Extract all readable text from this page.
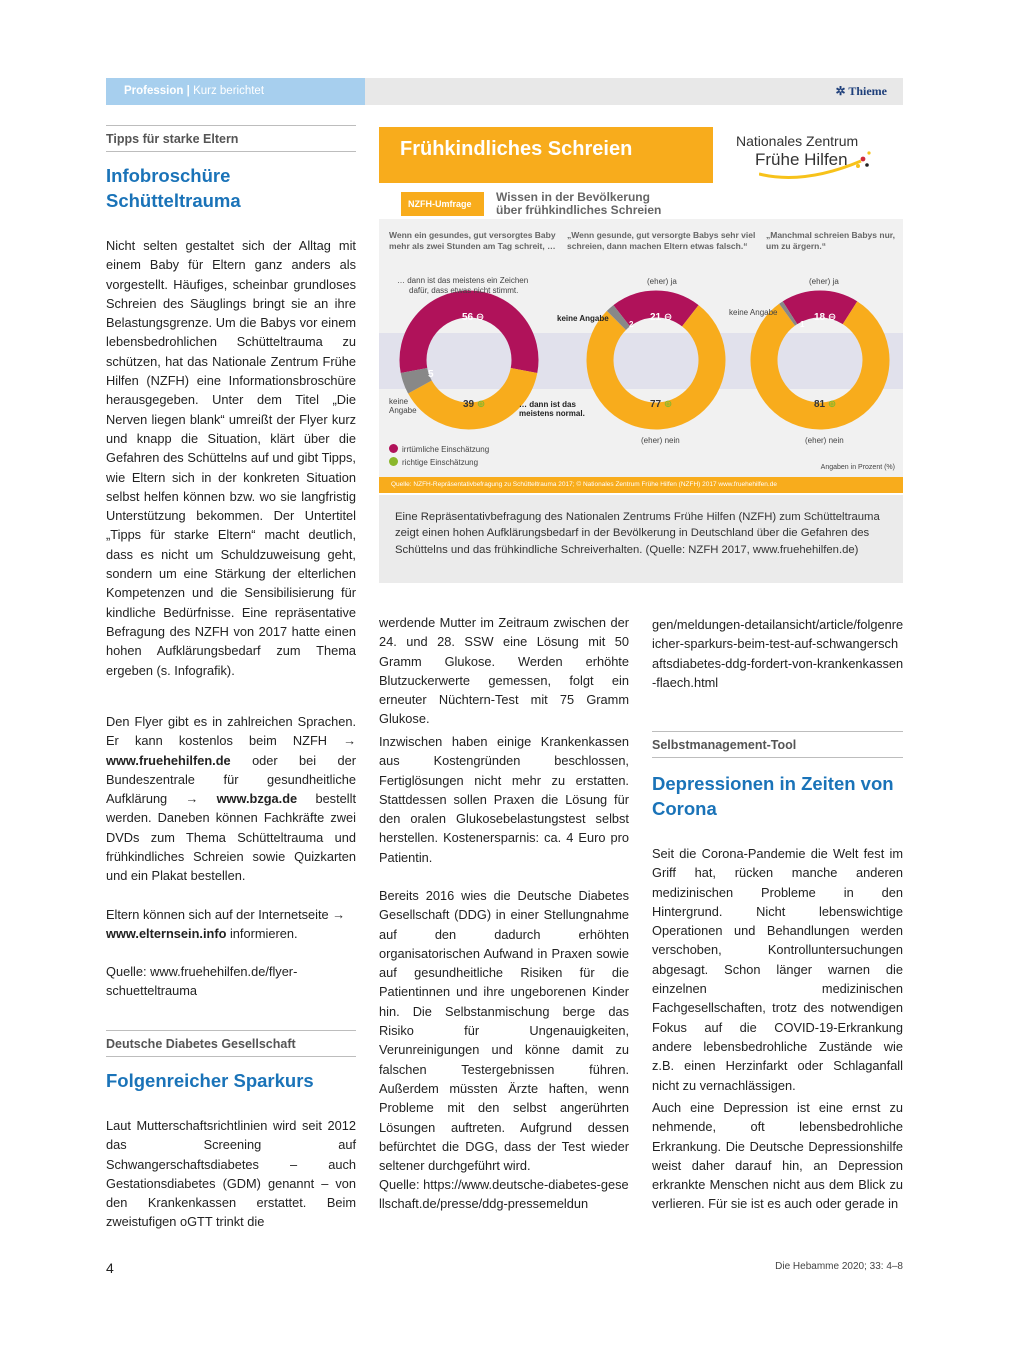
Profession | Kurz berichtet	✲ Thieme
Tipps für starke Eltern
Infobroschüre
Schütteltrauma
Nicht selten gestaltet sich der Alltag mit einem Baby für Eltern ganz anders als vorgestellt. Häufiges, scheinbar grundloses Schreien des Säuglings bringt sie an ihre Belastungsgrenze. Um die Babys vor einem lebensbedrohlichen Schütteltrauma zu schützen, hat das Nationale Zentrum Frühe Hilfen (NZFH) eine Informationsbroschüre herausgegeben. Unter dem Titel „Die Nerven liegen blank“ umreißt der Flyer kurz und knapp die Situation, klärt über die Gefahren des Schüttelns auf und gibt Tipps, wie Eltern sich in der konkreten Situation selbst helfen können bzw. wo sie langfristig Unterstützung bekommen. Der Untertitel „Tipps für starke Eltern“ macht deutlich, dass es nicht um Schuldzuweisung geht, sondern um eine Stärkung der elterlichen Kompetenzen und die Sensibilisierung für kindliche Bedürfnisse. Eine repräsentative Befragung des NZFH von 2017 hatte einen hohen Aufklärungsbedarf zum Thema ergeben (s. Infografik).
Den Flyer gibt es in zahlreichen Sprachen. Er kann kostenlos beim NZFH → www.fruehehilfen.de oder bei der Bundeszentrale für gesundheitliche Aufklärung → www.bzga.de bestellt werden. Daneben können Fachkräfte zwei DVDs zum Thema Schütteltrauma und frühkindliches Schreien sowie Quizkarten und ein Plakat bestellen.
Eltern können sich auf der Internetseite → www.elternsein.info informieren.
Quelle: www.fruehehilfen.de/flyer-schuetteltrauma
Deutsche Diabetes Gesellschaft
Folgenreicher Sparkurs
Laut Mutterschaftsrichtlinien wird seit 2012 das Screening auf Schwangerschaftsdiabetes – auch Gestationsdiabetes (GDM) genannt – von den Krankenkassen erstattet. Beim zweistufigen oGTT trinkt die
Frühkindliches Schreien	Nationales Zentrum
Frühe Hilfen
NZFH-Umfrage	Wissen in der Bevölkerung
über frühkindliches Schreien
Wenn ein gesundes, gut versorgtes Baby mehr als zwei Stunden am Tag schreit, …
„Wenn gesunde, gut versorgte Babys sehr viel schreien, dann machen Eltern etwas falsch.“
„Manchmal schreien Babys nur, um zu ärgern.“
… dann ist das meistens ein Zeichen
dafür, dass etwas nicht stimmt.
keine
Angabe
… dann ist das
meistens normal.
(eher) ja
keine Angabe
(eher) nein
(eher) ja
keine Angabe
(eher) nein
56 ⊖
5
39 ⊕
21 ⊖
2
77 ⊕
18 ⊖
1
81 ⊕
irrtümliche Einschätzung
richtige Einschätzung
Angaben in Prozent (%)
Quelle: NZFH-Repräsentativbefragung zu Schütteltrauma 2017; © Nationales Zentrum Frühe Hilfen (NZFH) 2017 www.fruehehilfen.de
Eine Repräsentativbefragung des Nationalen Zentrums Frühe Hilfen (NZFH) zum Schütteltrauma zeigt einen hohen Aufklärungsbedarf in der Bevölkerung in Deutschland über die Gefahren des Schüttelns und das frühkindliche Schreiverhalten. (Quelle: NZFH 2017, www.fruehehilfen.de)
werdende Mutter im Zeitraum zwischen der 24. und 28. SSW eine Lösung mit 50 Gramm Glukose. Werden erhöhte Blutzuckerwerte gemessen, folgt ein erneuter Nüchtern-Test mit 75 Gramm Glukose.
Inzwischen haben einige Krankenkassen aus Kostengründen beschlossen, Fertiglösungen nicht mehr zu erstatten. Stattdessen sollen Praxen die Lösung für den oralen Glukosebelastungstest selbst herstellen. Kostenersparnis: ca. 4 Euro pro Patientin.
Bereits 2016 wies die Deutsche Diabetes Gesellschaft (DDG) in einer Stellungnahme auf den dadurch erhöhten organisatorischen Aufwand in Praxen sowie auf gesundheitliche Risiken für die Patientinnen und ihre ungeborenen Kinder hin. Die Selbstanmischung berge das Risiko für Ungenauigkeiten, Verunreinigungen und könne damit zu falschen Testergebnissen führen. Außerdem müssten Ärzte haften, wenn Probleme mit den selbst angerührten Lösungen auftreten. Aufgrund dessen befürchtet die DGG, dass der Test wieder seltener durchgeführt wird.
Quelle: https://www.deutsche-diabetes-gesellschaft.de/presse/ddg-pressemeldun
gen/meldungen-detailansicht/article/folgenreicher-sparkurs-beim-test-auf-schwangerschaftsdiabetes-ddg-fordert-von-krankenkassen-flaech.html
Selbstmanagement-Tool
Depressionen in Zeiten von
Corona
Seit die Corona-Pandemie die Welt fest im Griff hat, rücken manche anderen medizinischen Probleme in den Hintergrund. Nicht lebenswichtige Operationen und Behandlungen werden verschoben, Kontrolluntersuchungen abgesagt. Schon länger warnen die einzelnen medizinischen Fachgesellschaften, trotz des notwendigen Fokus auf die COVID-19-Erkrankung andere lebensbedrohliche Zustände wie z.B. einen Herzinfarkt oder Schlaganfall nicht zu vernachlässigen.
Auch eine Depression ist eine ernst zu nehmende, oft lebensbedrohliche Erkrankung. Die Deutsche Depressionshilfe weist daher darauf hin, an Depression erkrankte Menschen nicht aus dem Blick zu verlieren. Für sie ist es auch oder gerade in
4	Die Hebamme 2020; 33: 4–8
